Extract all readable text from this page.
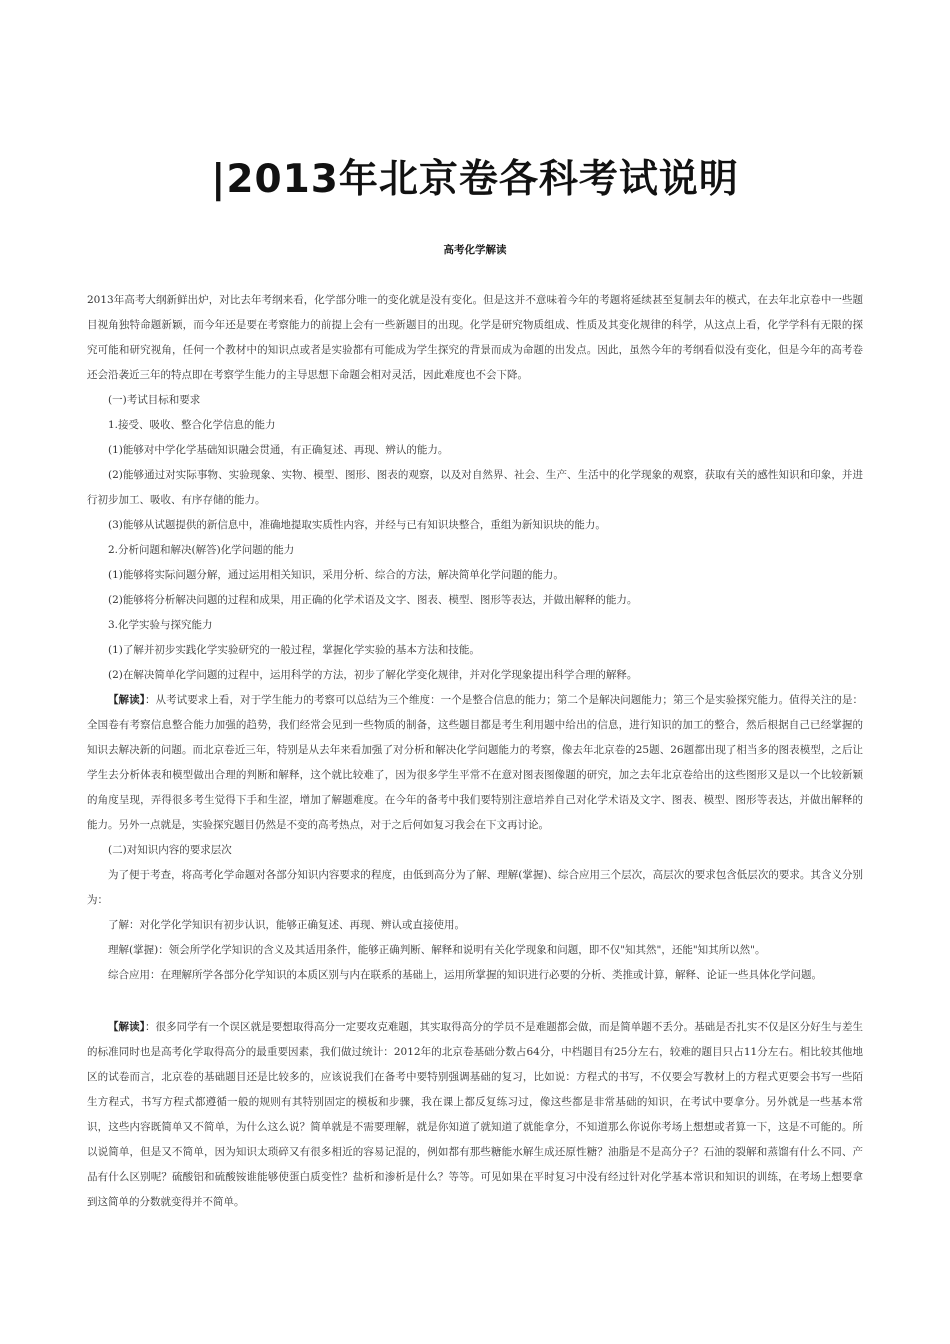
|2013年北京卷各科考试说明
高考化学解读

2013年高考大纲新鲜出炉，对比去年考纲来看，化学部分唯一的变化就是没有变化。但是这并不意味着今年的考题将延续甚至复制去年的模式，在去年北京卷中一些题目视角独特命题新颖，而今年还是要在考察能力的前提上会有一些新题目的出现。化学是研究物质组成、性质及其变化规律的科学，从这点上看，化学学科有无限的探究可能和研究视角，任何一个教材中的知识点或者是实验都有可能成为学生探究的背景而成为命题的出发点。因此，虽然今年的考纲看似没有变化，但是今年的高考卷还会沿袭近三年的特点即在考察学生能力的主导思想下命题会相对灵活，因此难度也不会下降。

(一)考试目标和要求

1.接受、吸收、整合化学信息的能力

(1)能够对中学化学基础知识融会贯通，有正确复述、再现、辨认的能力。

(2)能够通过对实际事物、实验现象、实物、模型、图形、图表的观察，以及对自然界、社会、生产、生活中的化学现象的观察，获取有关的感性知识和印象，并进行初步加工、吸收、有序存储的能力。

(3)能够从试题提供的新信息中，准确地提取实质性内容，并经与已有知识块整合，重组为新知识块的能力。

2.分析问题和解决(解答)化学问题的能力

(1)能够将实际问题分解，通过运用相关知识，采用分析、综合的方法，解决简单化学问题的能力。

(2)能够将分析解决问题的过程和成果，用正确的化学术语及文字、图表、模型、图形等表达，并做出解释的能力。

3.化学实验与探究能力

(1)了解并初步实践化学实验研究的一般过程，掌握化学实验的基本方法和技能。

(2)在解决简单化学问题的过程中，运用科学的方法，初步了解化学变化规律，并对化学现象提出科学合理的解释。

【解读】：从考试要求上看，对于学生能力的考察可以总结为三个维度：一个是整合信息的能力；第二个是解决问题能力；第三个是实验探究能力。值得关注的是：全国卷有考察信息整合能力加强的趋势，我们经常会见到一些物质的制备，这些题目都是考生利用题中给出的信息，进行知识的加工的整合，然后根据自己已经掌握的知识去解决新的问题。而北京卷近三年，特别是从去年来看加强了对分析和解决化学问题能力的考察，像去年北京卷的25题、26题都出现了相当多的图表模型，之后让学生去分析体表和模型做出合理的判断和解释，这个就比较难了，因为很多学生平常不在意对图表图像题的研究，加之去年北京卷给出的这些图形又是以一个比较新颖的角度呈现，弄得很多考生觉得下手和生涩，增加了解题难度。在今年的备考中我们要特别注意培养自己对化学术语及文字、图表、模型、图形等表达，并做出解释的能力。另外一点就是，实验探究题目仍然是不变的高考热点，对于之后何如复习我会在下文再讨论。

(二)对知识内容的要求层次

为了便于考查，将高考化学命题对各部分知识内容要求的程度，由低到高分为了解、理解(掌握)、综合应用三个层次，高层次的要求包含低层次的要求。其含义分别为：

了解：对化学化学知识有初步认识，能够正确复述、再现、辨认或直接使用。

理解(掌握)：领会所学化学知识的含义及其适用条件，能够正确判断、解释和说明有关化学现象和问题，即不仅"知其然"，还能"知其所以然"。

综合应用：在理解所学各部分化学知识的本质区别与内在联系的基础上，运用所掌握的知识进行必要的分析、类推或计算，解释、论证一些具体化学问题。

【解读】：很多同学有一个误区就是要想取得高分一定要攻克难题，其实取得高分的学员不是难题都会做，而是简单题不丢分。基础是否扎实不仅是区分好生与差生的标准同时也是高考化学取得高分的最重要因素，我们做过统计：2012年的北京卷基础分数占64分，中档题目有25分左右，较难的题目只占11分左右。相比较其他地区的试卷而言，北京卷的基础题目还是比较多的，应该说我们在备考中要特别强调基础的复习，比如说：方程式的书写，不仅要会写教材上的方程式更要会书写一些陌生方程式，书写方程式都遵循一般的规则有其特别固定的模板和步骤，我在课上都反复练习过，像这些都是非常基础的知识，在考试中要拿分。另外就是一些基本常识，这些内容既简单又不简单，为什么这么说？简单就是不需要理解，就是你知道了就知道了就能拿分，不知道那么你说你考场上想想或者算一下，这是不可能的。所以说简单，但是又不简单，因为知识太琐碎又有很多相近的容易记混的，例如都有那些糖能水解生成还原性糖？油脂是不是高分子？石油的裂解和蒸馏有什么不同、产品有什么区别呢？硫酸铝和硫酸铵谁能够使蛋白质变性？盐析和渗析是什么？等等。可见如果在平时复习中没有经过针对化学基本常识和知识的训练，在考场上想要拿到这简单的分数就变得并不简单。
